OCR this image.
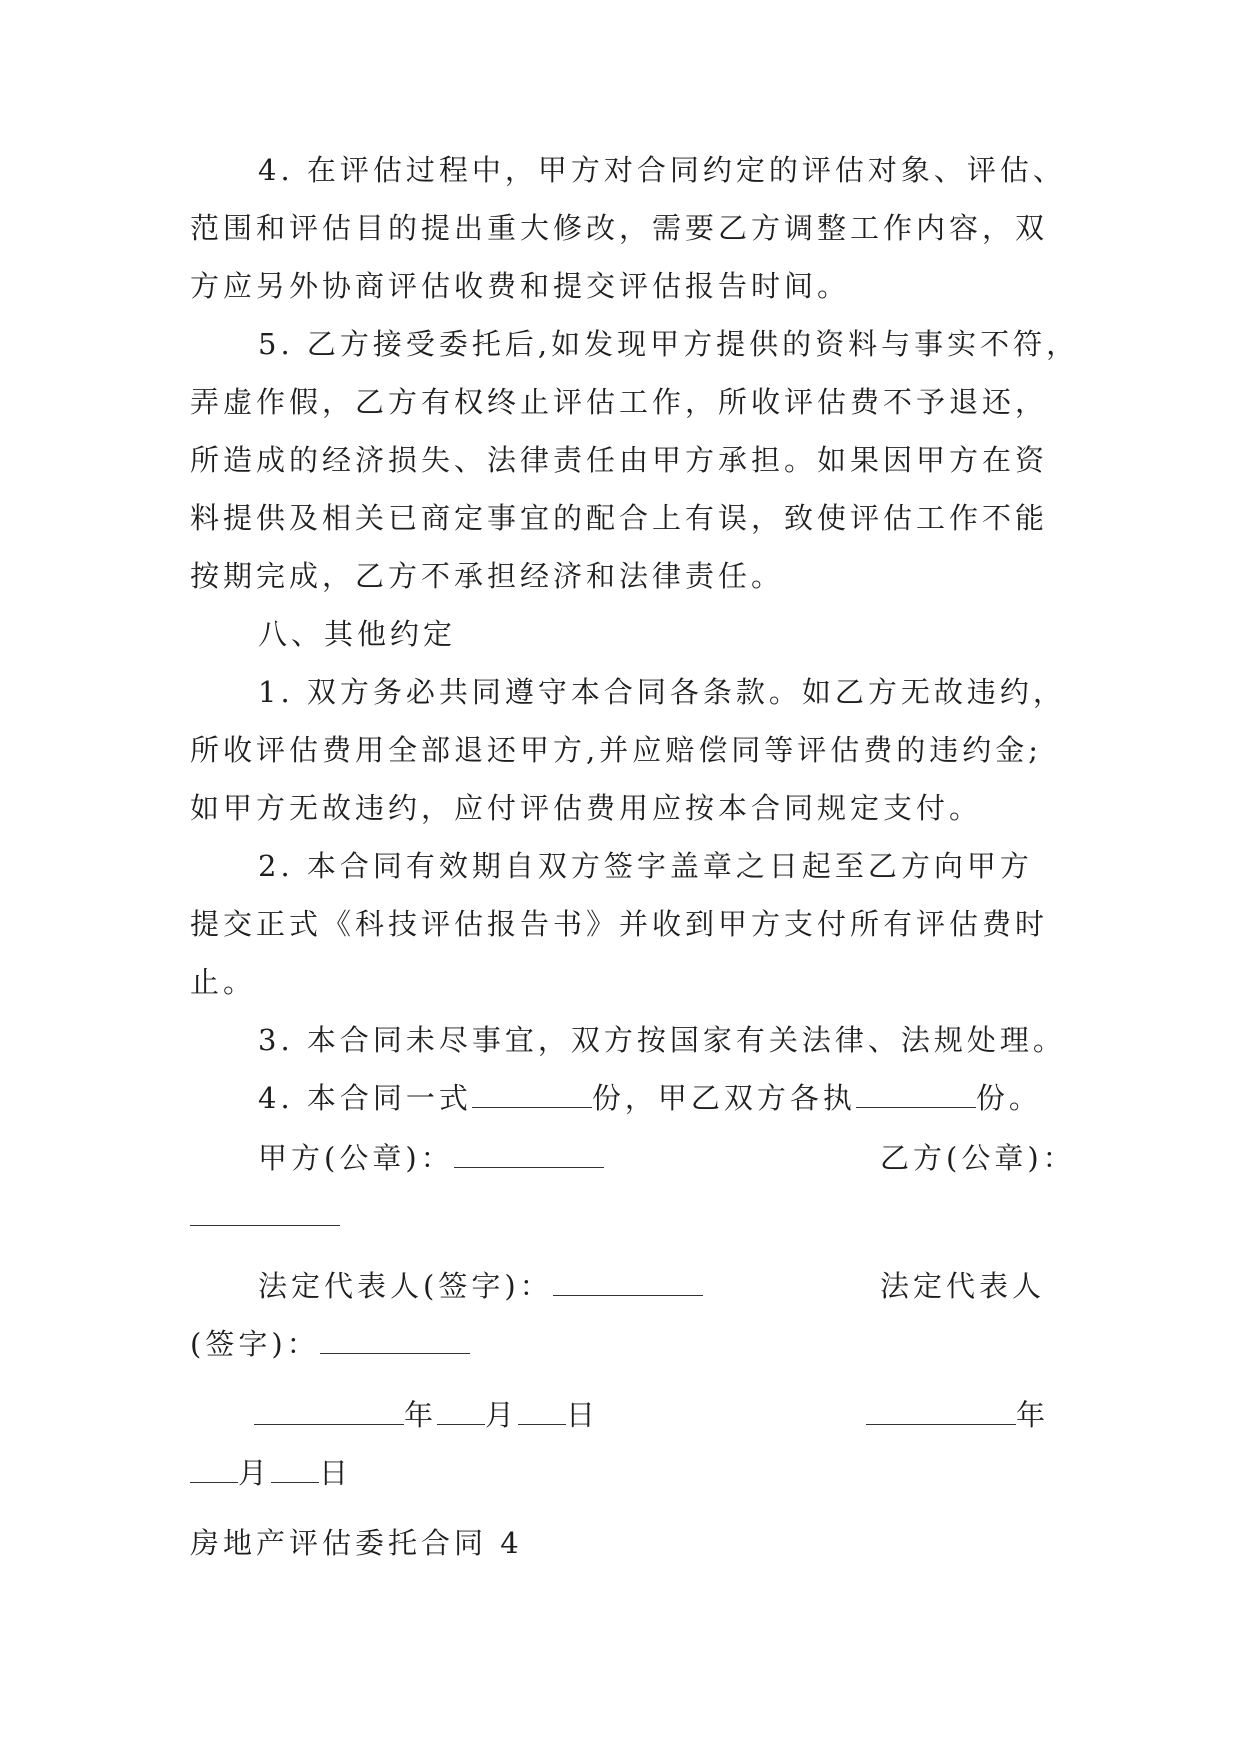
4. 在评估过程中，甲方对合同约定的评估对象、评估、
范围和评估目的提出重大修改，需要乙方调整工作内容，双
方应另外协商评估收费和提交评估报告时间。
5. 乙方接受委托后,如发现甲方提供的资料与事实不符，
弄虚作假，乙方有权终止评估工作，所收评估费不予退还，
所造成的经济损失、法律责任由甲方承担。如果因甲方在资
料提供及相关已商定事宜的配合上有误，致使评估工作不能
按期完成，乙方不承担经济和法律责任。
八、其他约定
1. 双方务必共同遵守本合同各条款。如乙方无故违约，
所收评估费用全部退还甲方,并应赔偿同等评估费的违约金;
如甲方无故违约，应付评估费用应按本合同规定支付。
2. 本合同有效期自双方签字盖章之日起至乙方向甲方
提交正式《科技评估报告书》并收到甲方支付所有评估费时
止。
3. 本合同未尽事宜，双方按国家有关法律、法规处理。
4. 本合同一式	份，甲乙双方各执	份。
甲方(公章)：	乙方(公章)：
法定代表人(签字)：	法定代表人
(签字)：
年 月 日	年
月 日
房地产评估委托合同 4
